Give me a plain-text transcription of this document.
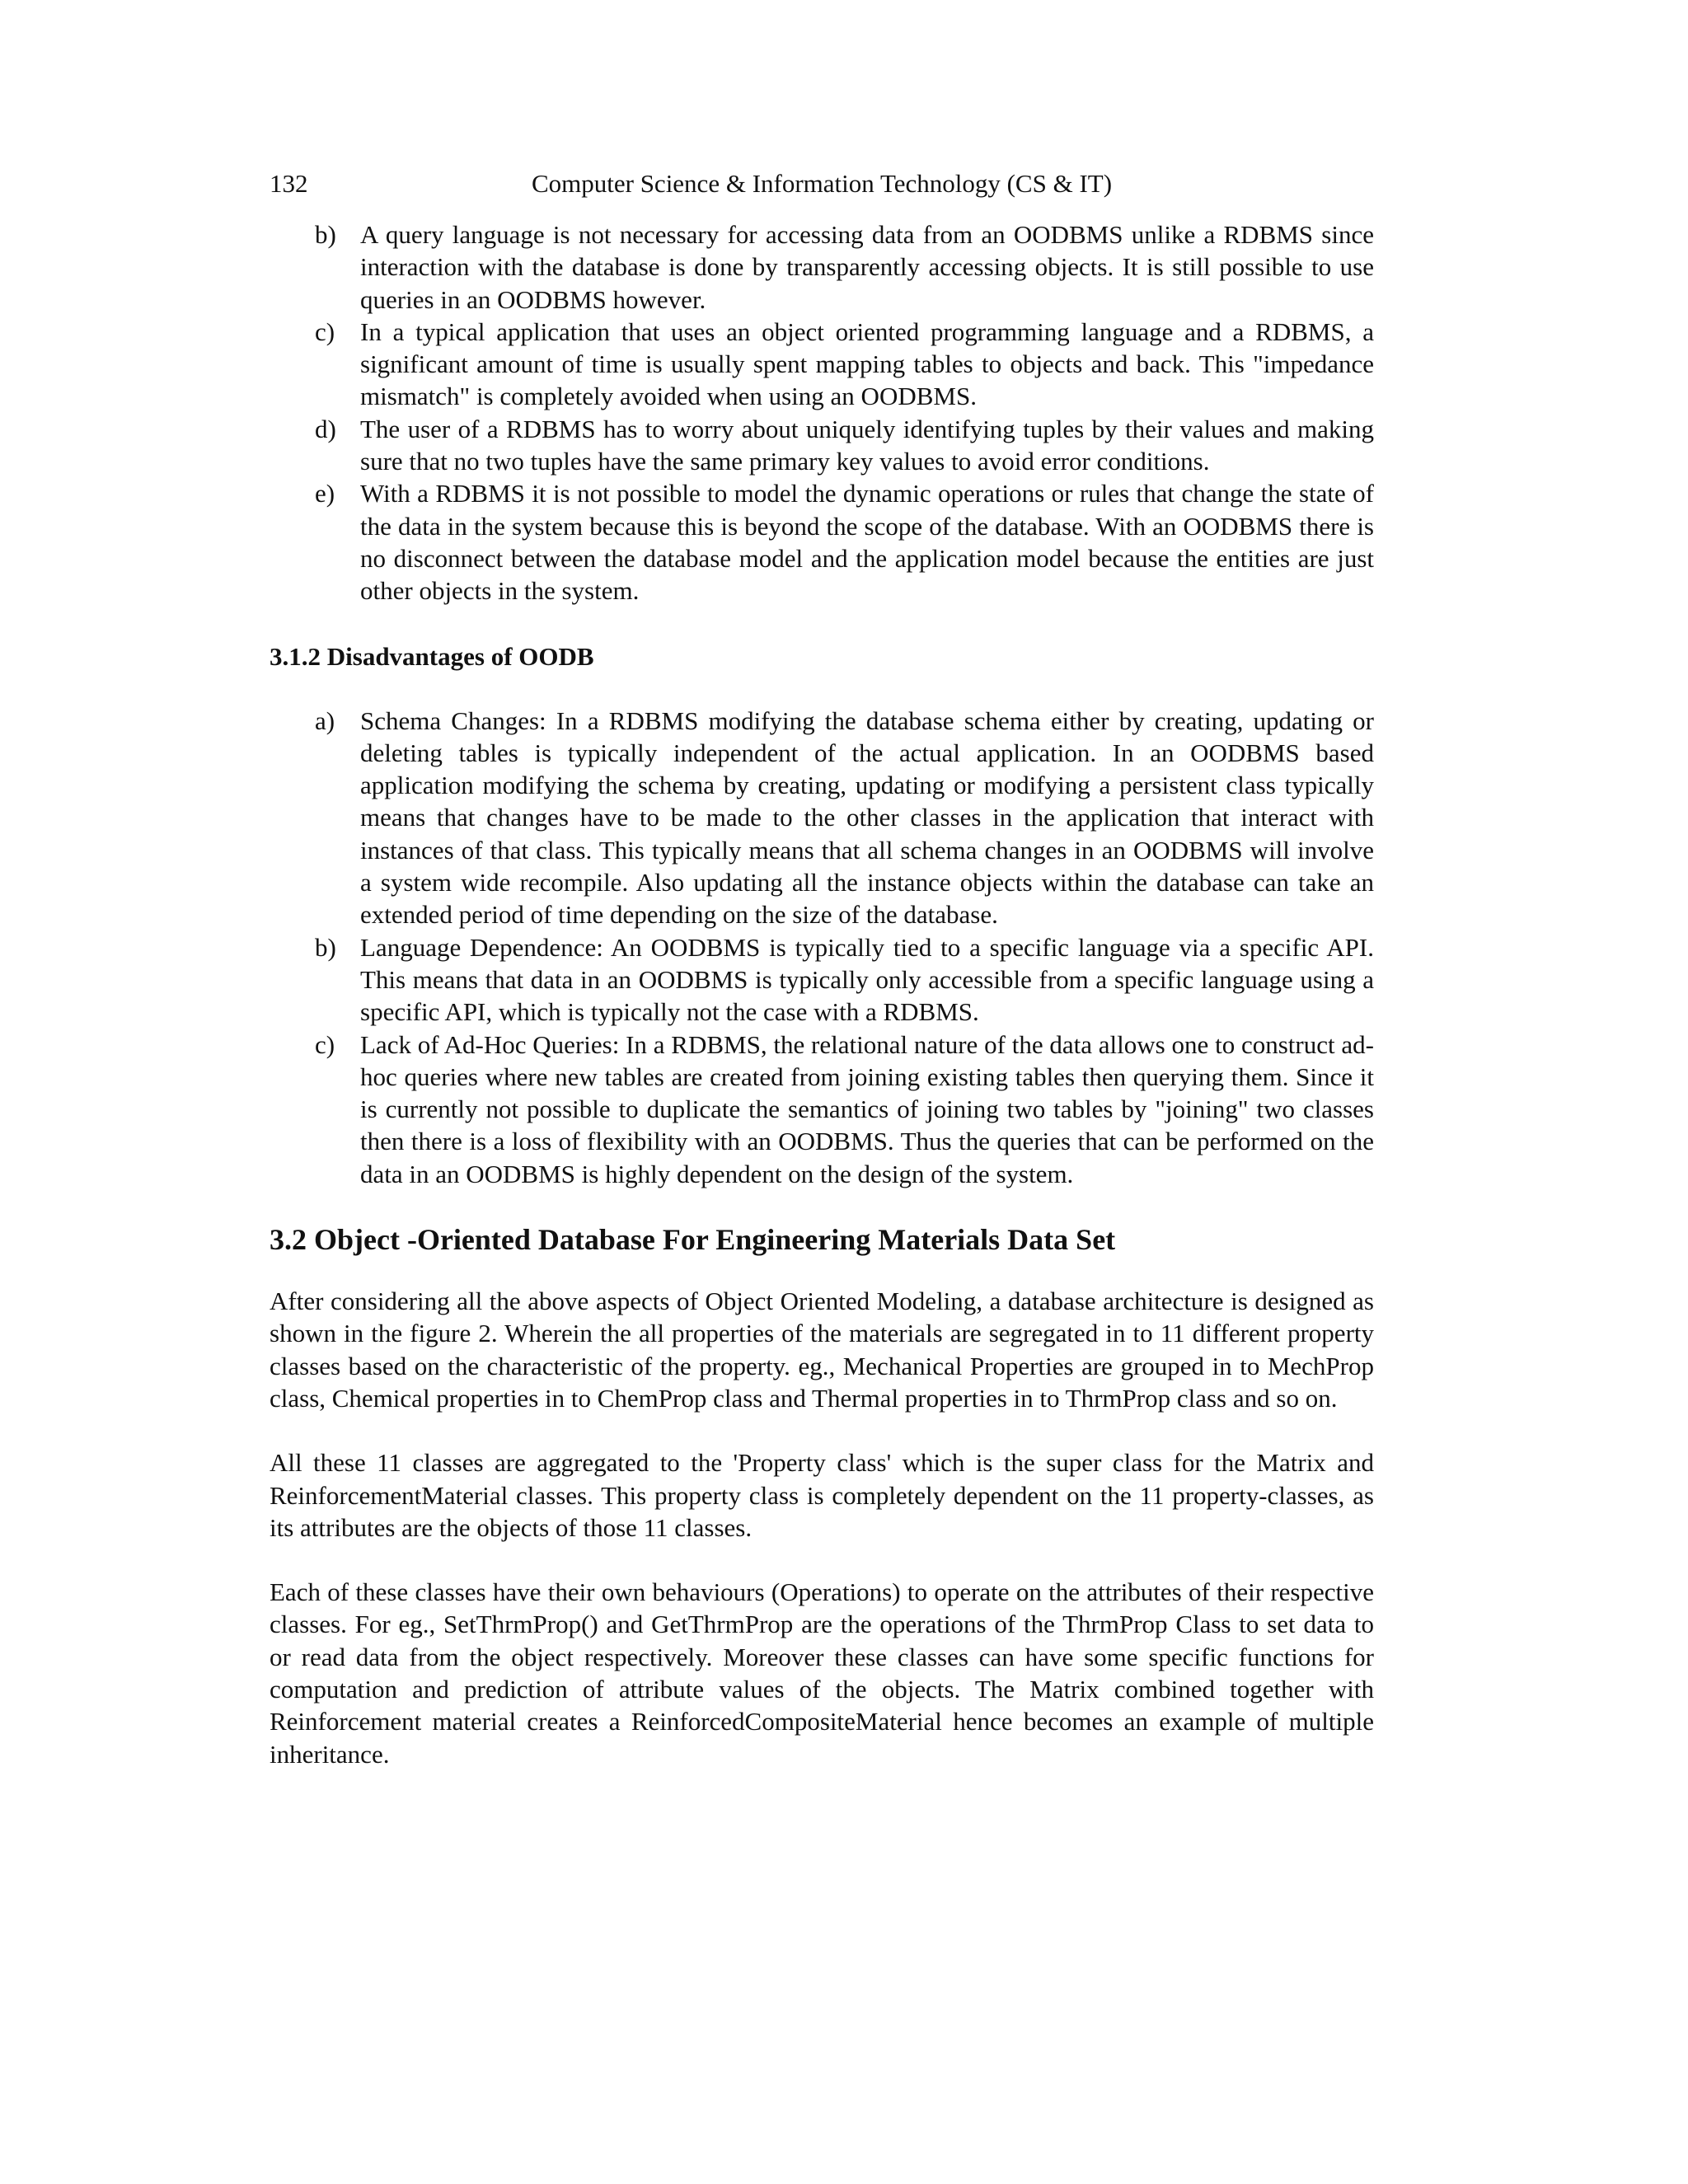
132	Computer Science & Information Technology (CS & IT)
b) A query language is not necessary for accessing data from an OODBMS unlike a RDBMS since interaction with the database is done by transparently accessing objects. It is still possible to use queries in an OODBMS however.
c) In a typical application that uses an object oriented programming language and a RDBMS, a significant amount of time is usually spent mapping tables to objects and back. This "impedance mismatch" is completely avoided when using an OODBMS.
d) The user of a RDBMS has to worry about uniquely identifying tuples by their values and making sure that no two tuples have the same primary key values to avoid error conditions.
e) With a RDBMS it is not possible to model the dynamic operations or rules that change the state of the data in the system because this is beyond the scope of the database. With an OODBMS there is no disconnect between the database model and the application model because the entities are just other objects in the system.
3.1.2 Disadvantages of OODB
a) Schema Changes: In a RDBMS modifying the database schema either by creating, updating or deleting tables is typically independent of the actual application. In an OODBMS based application modifying the schema by creating, updating or modifying a persistent class typically means that changes have to be made to the other classes in the application that interact with instances of that class. This typically means that all schema changes in an OODBMS will involve a system wide recompile. Also updating all the instance objects within the database can take an extended period of time depending on the size of the database.
b) Language Dependence: An OODBMS is typically tied to a specific language via a specific API. This means that data in an OODBMS is typically only accessible from a specific language using a specific API, which is typically not the case with a RDBMS.
c) Lack of Ad-Hoc Queries: In a RDBMS, the relational nature of the data allows one to construct ad-hoc queries where new tables are created from joining existing tables then querying them. Since it is currently not possible to duplicate the semantics of joining two tables by "joining" two classes then there is a loss of flexibility with an OODBMS. Thus the queries that can be performed on the data in an OODBMS is highly dependent on the design of the system.
3.2 Object -Oriented Database For Engineering Materials Data Set

After considering all the above aspects of Object Oriented Modeling, a database architecture is designed as shown in the figure 2. Wherein the all properties of the materials are segregated in to 11 different property classes based on the characteristic of the property. eg., Mechanical Properties are grouped in to MechProp class, Chemical properties in to ChemProp class and Thermal properties in to ThrmProp class and so on.

All these 11 classes are aggregated to the 'Property class' which is the super class for the Matrix and ReinforcementMaterial classes. This property class is completely dependent on the 11 property-classes, as its attributes are the objects of those 11 classes.

Each of these classes have their own behaviours (Operations) to operate on the attributes of their respective classes. For eg., SetThrmProp() and GetThrmProp are the operations of the ThrmProp Class to set data to or read data from the object respectively. Moreover these classes can have some specific functions for computation and prediction of attribute values of the objects. The Matrix combined together with Reinforcement material creates a ReinforcedCompositeMaterial hence becomes an example of multiple inheritance.
